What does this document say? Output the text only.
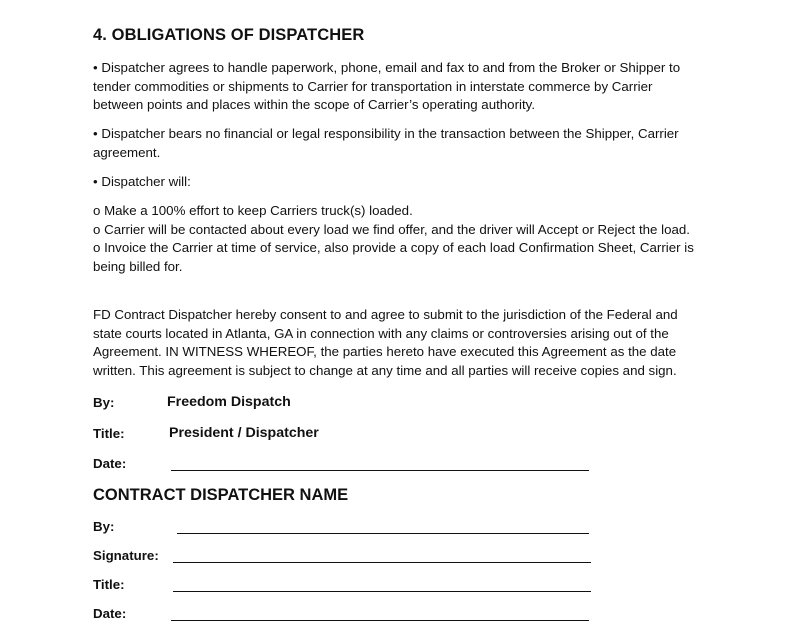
4. OBLIGATIONS OF DISPATCHER

• Dispatcher agrees to handle paperwork, phone, email and fax to and from the Broker or Shipper to

tender commodities or shipments to Carrier for transportation in interstate commerce by Carrier

between points and places within the scope of Carrier’s operating authority.

• Dispatcher bears no financial or legal responsibility in the transaction between the Shipper, Carrier

agreement.

• Dispatcher will:

o Make a 100% effort to keep Carriers truck(s) loaded.

o Carrier will be contacted about every load we find offer, and the driver will Accept or Reject the load.

o Invoice the Carrier at time of service, also provide a copy of each load Confirmation Sheet, Carrier is

being billed for.

FD Contract Dispatcher hereby consent to and agree to submit to the jurisdiction of the Federal and

state courts located in Atlanta, GA in connection with any claims or controversies arising out of the

Agreement. IN WITNESS WHEREOF, the parties hereto have executed this Agreement as the date

written. This agreement is subject to change at any time and all parties will receive copies and sign.

By:	Freedom Dispatch
Title:	President / Dispatcher
Date:
CONTRACT DISPATCHER NAME
By:
Signature:
Title:
Date:
